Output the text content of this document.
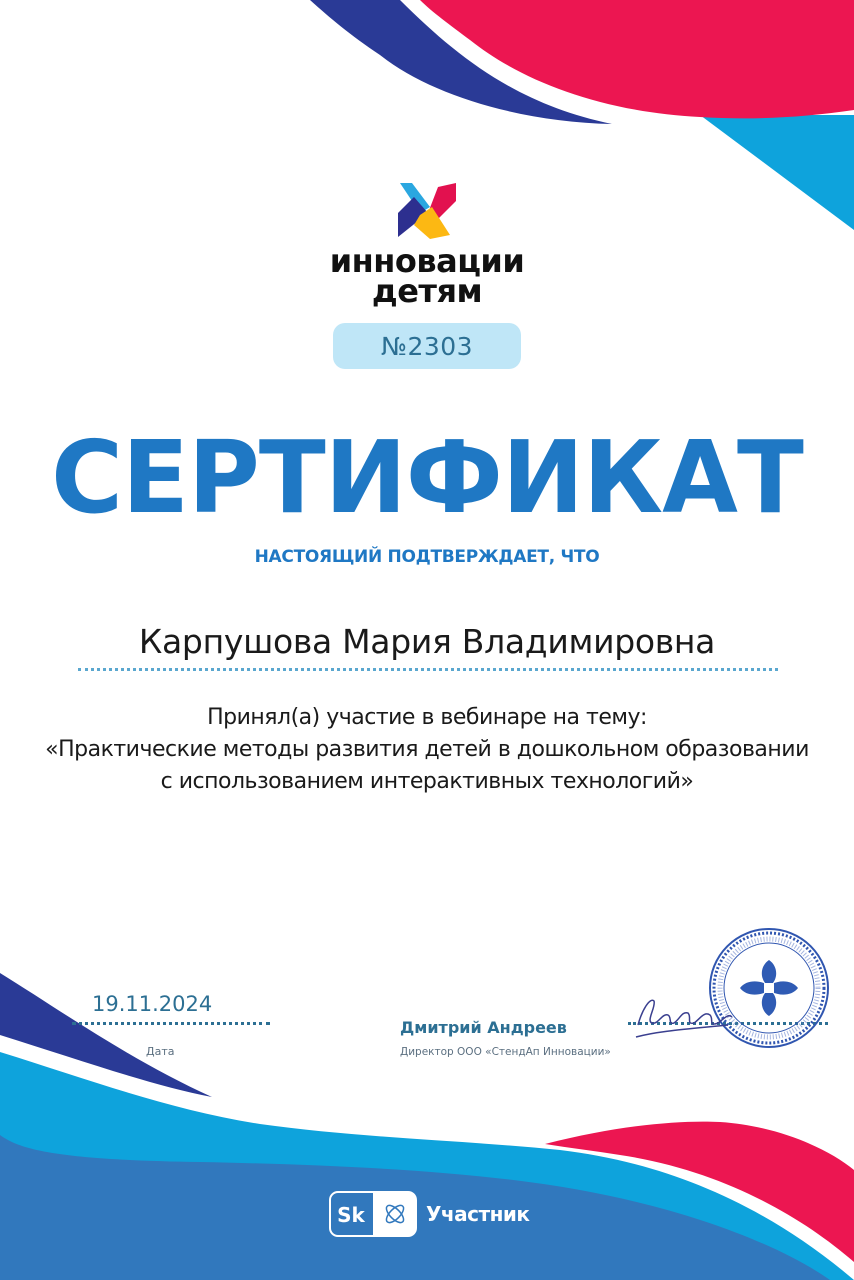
инновации
детям
№2303
СЕРТИФИКАТ
НАСТОЯЩИЙ ПОДТВЕРЖДАЕТ, ЧТО
Карпушова Мария Владимировна
Принял(а) участие в вебинаре на тему:
«Практические методы развития детей в дошкольном образовании
с использованием интерактивных технологий»
19.11.2024
Дата
Дмитрий Андреев
Директор ООО «СтендАп Инновации»
Sk	Участник
